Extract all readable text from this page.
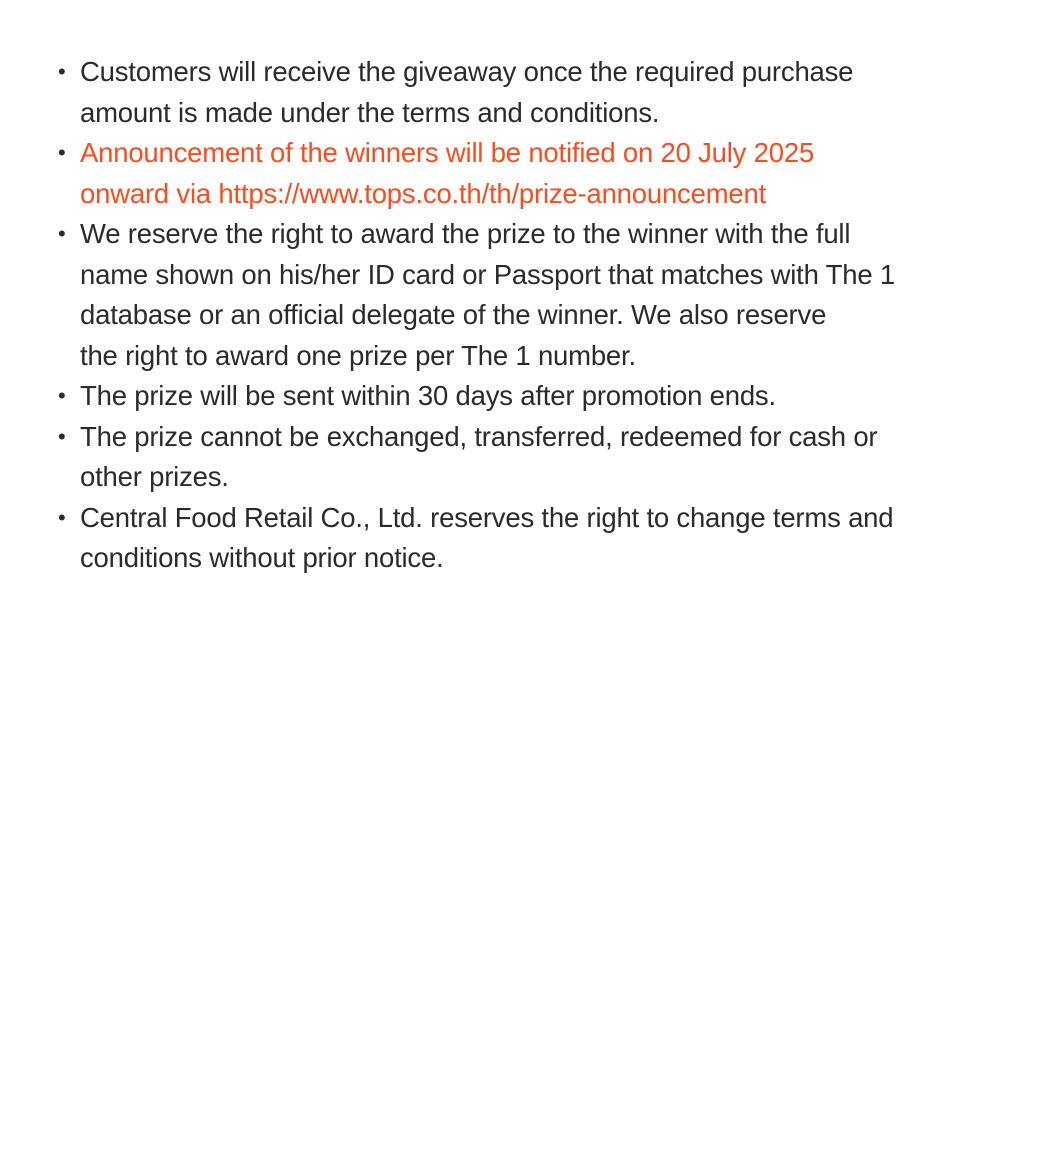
• Customers will receive the giveaway once the required purchase
amount is made under the terms and conditions.
• Announcement of the winners will be notified on 20 July 2025
onward via https://www.tops.co.th/th/prize-announcement
• We reserve the right to award the prize to the winner with the full
name shown on his/her ID card or Passport that matches with The 1
database or an official delegate of the winner. We also reserve
the right to award one prize per The 1 number.
• The prize will be sent within 30 days after promotion ends.
• The prize cannot be exchanged, transferred, redeemed for cash or
other prizes.
• Central Food Retail Co., Ltd. reserves the right to change terms and
conditions without prior notice.
